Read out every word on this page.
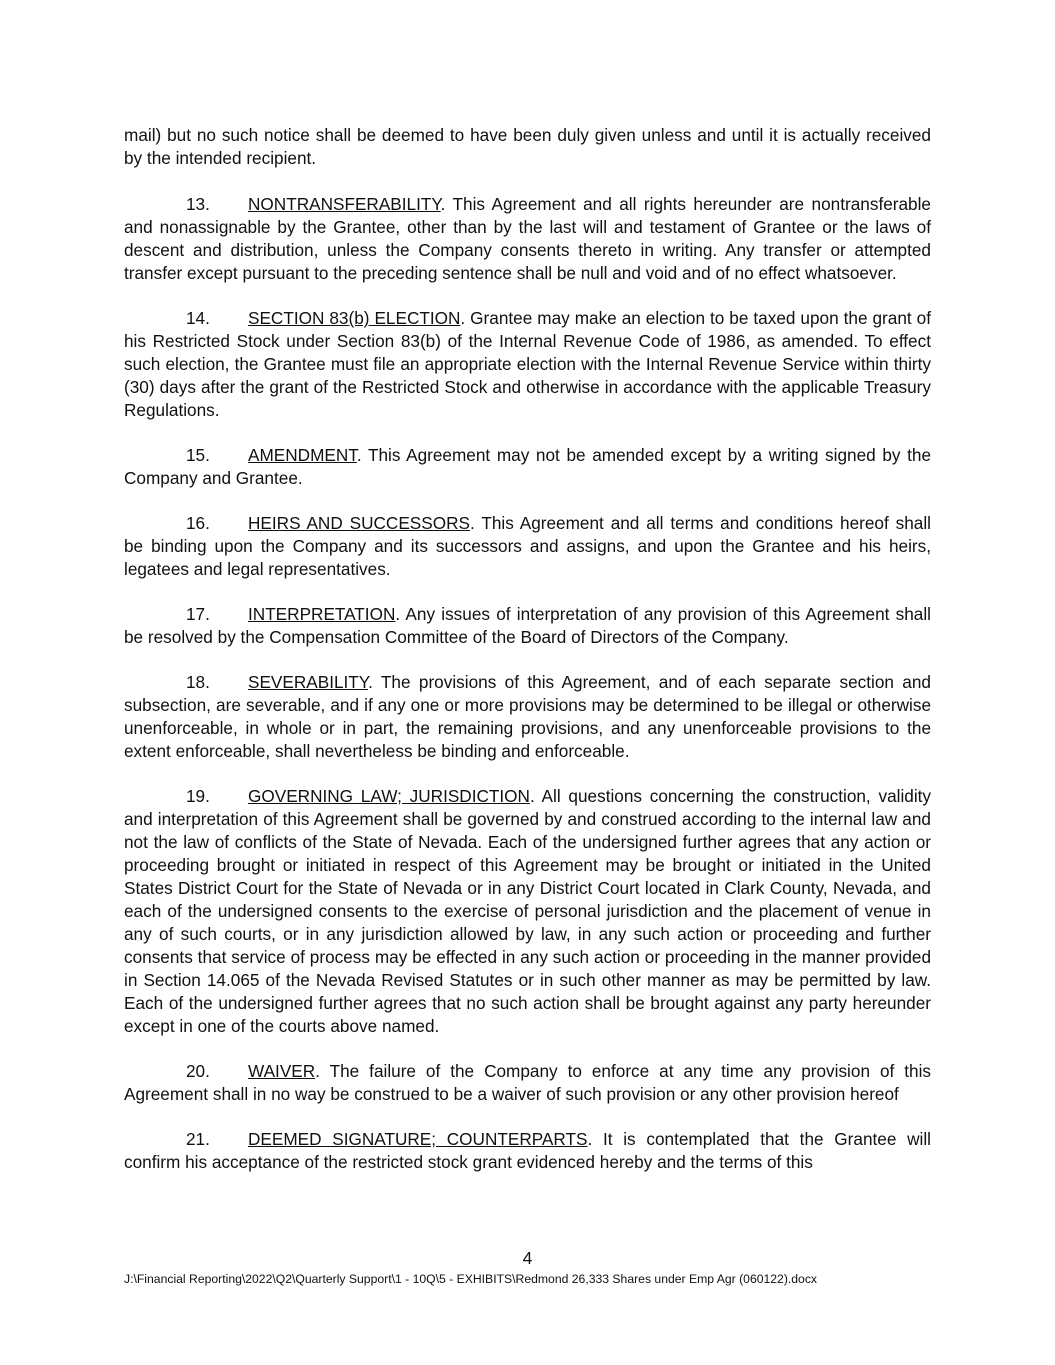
mail) but no such notice shall be deemed to have been duly given unless and until it is actually received by the intended recipient.

13. NONTRANSFERABILITY. This Agreement and all rights hereunder are nontransferable and nonassignable by the Grantee, other than by the last will and testament of Grantee or the laws of descent and distribution, unless the Company consents thereto in writing. Any transfer or attempted transfer except pursuant to the preceding sentence shall be null and void and of no effect whatsoever.

14. SECTION 83(b) ELECTION. Grantee may make an election to be taxed upon the grant of his Restricted Stock under Section 83(b) of the Internal Revenue Code of 1986, as amended. To effect such election, the Grantee must file an appropriate election with the Internal Revenue Service within thirty (30) days after the grant of the Restricted Stock and otherwise in accordance with the applicable Treasury Regulations.

15. AMENDMENT. This Agreement may not be amended except by a writing signed by the Company and Grantee.

16. HEIRS AND SUCCESSORS. This Agreement and all terms and conditions hereof shall be binding upon the Company and its successors and assigns, and upon the Grantee and his heirs, legatees and legal representatives.

17. INTERPRETATION. Any issues of interpretation of any provision of this Agreement shall be resolved by the Compensation Committee of the Board of Directors of the Company.

18. SEVERABILITY. The provisions of this Agreement, and of each separate section and subsection, are severable, and if any one or more provisions may be determined to be illegal or otherwise unenforceable, in whole or in part, the remaining provisions, and any unenforceable provisions to the extent enforceable, shall nevertheless be binding and enforceable.

19. GOVERNING LAW; JURISDICTION. All questions concerning the construction, validity and interpretation of this Agreement shall be governed by and construed according to the internal law and not the law of conflicts of the State of Nevada. Each of the undersigned further agrees that any action or proceeding brought or initiated in respect of this Agreement may be brought or initiated in the United States District Court for the State of Nevada or in any District Court located in Clark County, Nevada, and each of the undersigned consents to the exercise of personal jurisdiction and the placement of venue in any of such courts, or in any jurisdiction allowed by law, in any such action or proceeding and further consents that service of process may be effected in any such action or proceeding in the manner provided in Section 14.065 of the Nevada Revised Statutes or in such other manner as may be permitted by law. Each of the undersigned further agrees that no such action shall be brought against any party hereunder except in one of the courts above named.

20. WAIVER. The failure of the Company to enforce at any time any provision of this Agreement shall in no way be construed to be a waiver of such provision or any other provision hereof

21. DEEMED SIGNATURE; COUNTERPARTS. It is contemplated that the Grantee will confirm his acceptance of the restricted stock grant evidenced hereby and the terms of this

4
J:\Financial Reporting\2022\Q2\Quarterly Support\1 - 10Q\5 - EXHIBITS\Redmond 26,333 Shares under Emp Agr (060122).docx
